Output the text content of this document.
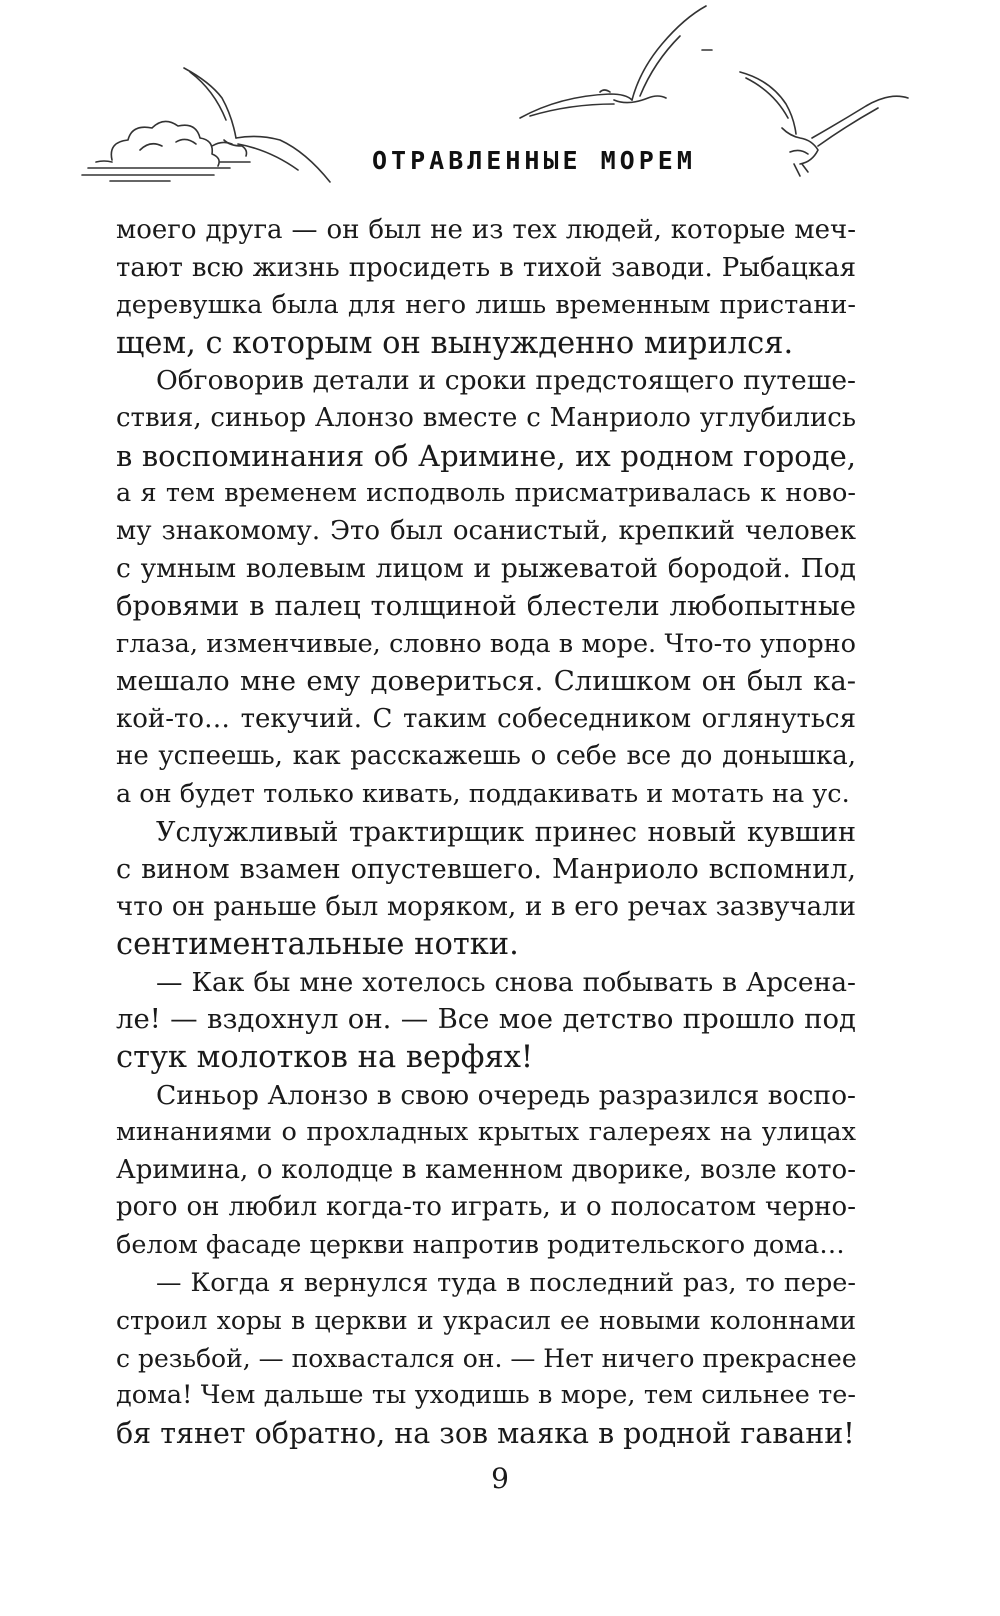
ОТРАВЛЕННЫЕ МОРЕМ
моего друга — он был не из тех людей, которые меч-
тают всю жизнь просидеть в тихой заводи. Рыбацкая
деревушка была для него лишь временным пристани-
щем, с которым он вынужденно мирился.
Обговорив детали и сроки предстоящего путеше-
ствия, синьор Алонзо вместе с Манриоло углубились
в воспоминания об Аримине, их родном городе,
а я тем временем исподволь присматривалась к ново-
му знакомому. Это был осанистый, крепкий человек
с умным волевым лицом и рыжеватой бородой. Под
бровями в палец толщиной блестели любопытные
глаза, изменчивые, словно вода в море. Что-то упорно
мешало мне ему довериться. Слишком он был ка-
кой-то… текучий. С таким собеседником оглянуться
не успеешь, как расскажешь о себе все до донышка,
а он будет только кивать, поддакивать и мотать на ус.
Услужливый трактирщик принес новый кувшин
с вином взамен опустевшего. Манриоло вспомнил,
что он раньше был моряком, и в его речах зазвучали
сентиментальные нотки.
— Как бы мне хотелось снова побывать в Арсена-
ле! — вздохнул он. — Все мое детство прошло под
стук молотков на верфях!
Синьор Алонзо в свою очередь разразился воспо-
минаниями о прохладных крытых галереях на улицах
Аримина, о колодце в каменном дворике, возле кото-
рого он любил когда-то играть, и о полосатом черно-
белом фасаде церкви напротив родительского дома…
— Когда я вернулся туда в последний раз, то пере-
строил хоры в церкви и украсил ее новыми колоннами
с резьбой, — похвастался он. — Нет ничего прекраснее
дома! Чем дальше ты уходишь в море, тем сильнее те-
бя тянет обратно, на зов маяка в родной гавани!
9
